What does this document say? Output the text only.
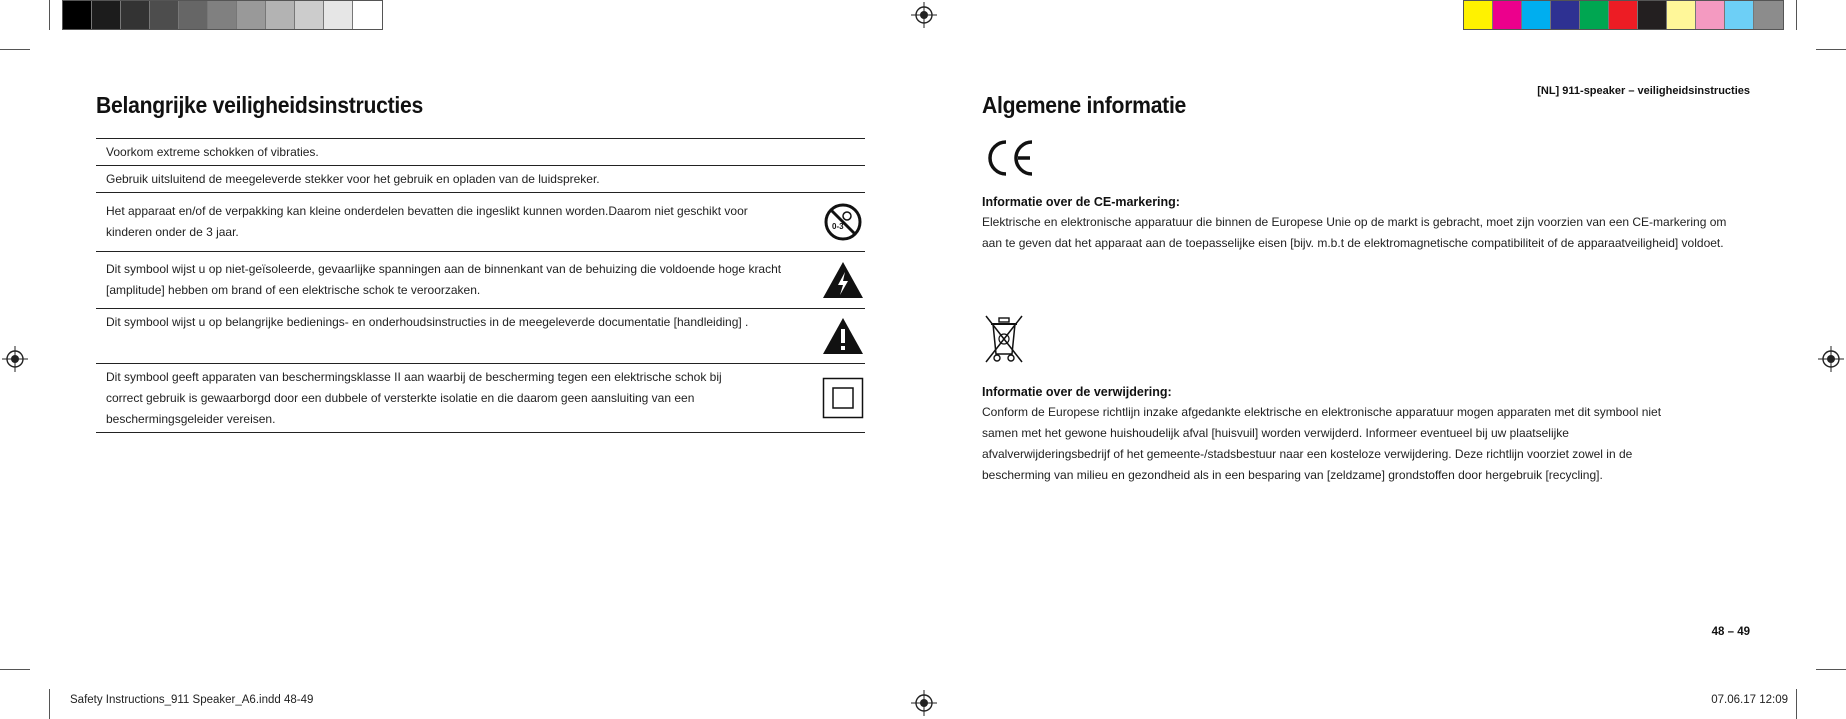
Belangrijke veiligheidsinstructies
Voorkom extreme schokken of vibraties.
Gebruik uitsluitend de meegeleverde stekker voor het gebruik en opladen van de luidspreker.
Het apparaat en/of de verpakking kan kleine onderdelen bevatten die ingeslikt kunnen worden.Daarom niet geschikt voor kinderen onder de 3 jaar.	0-3
Dit symbool wijst u op niet-geïsoleerde, gevaarlijke spanningen aan de binnenkant van de behuizing die voldoende hoge kracht [amplitude] hebben om brand of een elektrische schok te veroorzaken.
Dit symbool wijst u op belangrijke bedienings- en onderhoudsinstructies in de meegeleverde documentatie [handleiding] .
Dit symbool geeft apparaten van beschermingsklasse II aan waarbij de bescherming tegen een elektrische schok bij correct gebruik is gewaarborgd door een dubbele of versterkte isolatie en die daarom geen aansluiting van een beschermingsgeleider vereisen.
[NL] 911-speaker – veiligheidsinstructies
Algemene informatie
Informatie over de CE-markering:
Elektrische en elektronische apparatuur die binnen de Europese Unie op de markt is gebracht, moet zijn voorzien van een CE-markering om aan te geven dat het apparaat aan de toepasselijke eisen [bijv. m.b.t de elektromagnetische compatibiliteit of de apparaatveiligheid] voldoet.
Informatie over de verwijdering:
Conform de Europese richtlijn inzake afgedankte elektrische en elektronische apparatuur mogen apparaten met dit symbool niet samen met het gewone huishoudelijk afval [huisvuil] worden verwijderd. Informeer eventueel bij uw plaatselijke afvalverwijderingsbedrijf of het gemeente-/stadsbestuur naar een kosteloze verwijdering. Deze richtlijn voorziet zowel in de bescherming van milieu en gezondheid als in een besparing van [zeldzame] grondstoffen door hergebruik [recycling].
48 – 49
Safety Instructions_911 Speaker_A6.indd 48-49	07.06.17 12:09
